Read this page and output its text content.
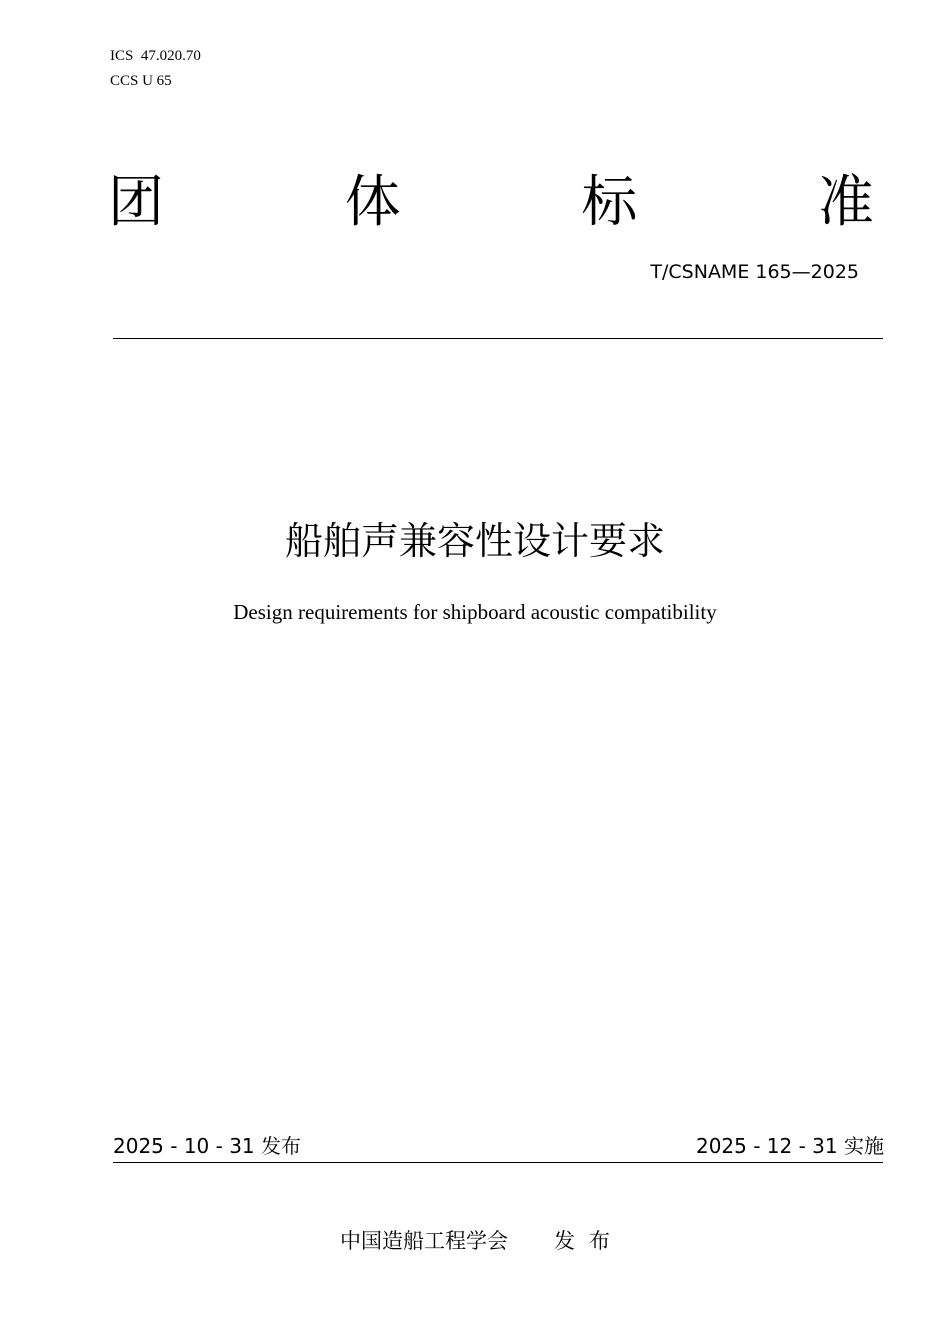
ICS  47.020.70
CCS U 65
团	体	标	准
T/CSNAME 165—2025
船舶声兼容性设计要求
Design requirements for shipboard acoustic compatibility
2025 - 10 - 31 发布	2025 - 12 - 31 实施
中国造船工程学会 发 布
